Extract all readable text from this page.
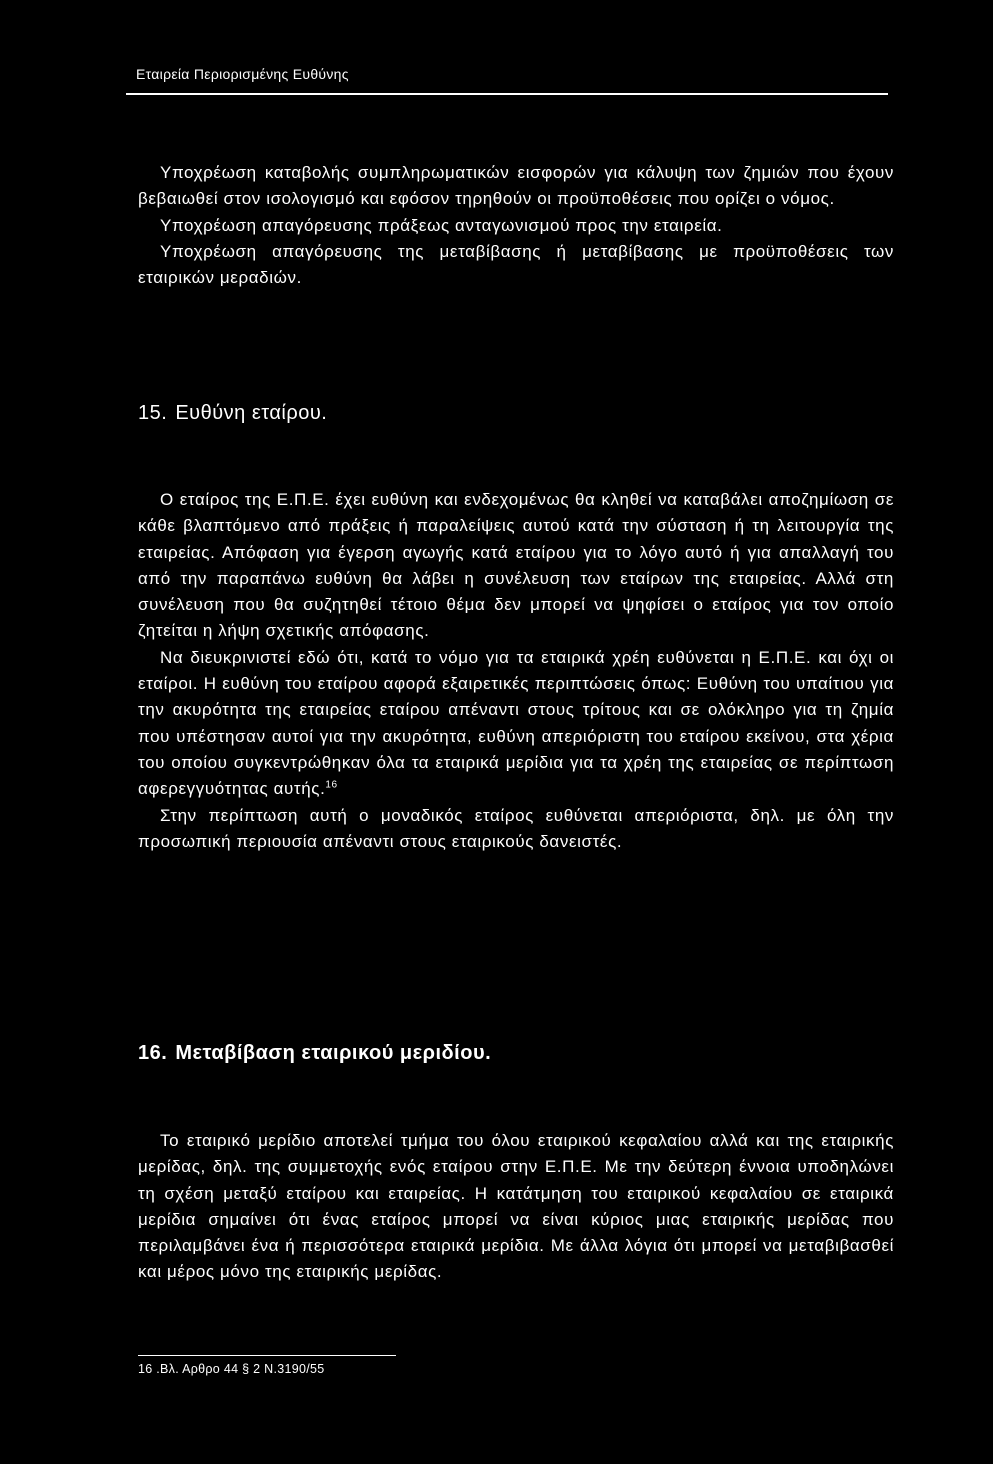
Εταιρεία Περιορισμένης Ευθύνης

Υποχρέωση καταβολής συμπληρωματικών εισφορών για κάλυψη των ζημιών που έχουν βεβαιωθεί στον ισολογισμό και εφόσον τηρηθούν οι προϋποθέσεις που ορίζει ο νόμος.

Υποχρέωση απαγόρευσης πράξεως ανταγωνισμού προς την εταιρεία.

Υποχρέωση απαγόρευσης της μεταβίβασης ή μεταβίβασης με προϋποθέσεις των εταιρικών μεραδιών.

15. Ευθύνη εταίρου.

Ο εταίρος της Ε.Π.Ε. έχει ευθύνη και ενδεχομένως θα κληθεί να καταβάλει αποζημίωση σε κάθε βλαπτόμενο από πράξεις ή παραλείψεις αυτού κατά την σύσταση ή τη λειτουργία της εταιρείας. Απόφαση για έγερση αγωγής κατά εταίρου για το λόγο αυτό ή για απαλλαγή του από την παραπάνω ευθύνη θα λάβει η συνέλευση των εταίρων της εταιρείας. Αλλά στη συνέλευση που θα συζητηθεί τέτοιο θέμα δεν μπορεί να ψηφίσει ο εταίρος για τον οποίο ζητείται η λήψη σχετικής απόφασης.

Να διευκρινιστεί εδώ ότι, κατά το νόμο για τα εταιρικά χρέη ευθύνεται η Ε.Π.Ε. και όχι οι εταίροι. Η ευθύνη του εταίρου αφορά εξαιρετικές περιπτώσεις όπως: Ευθύνη του υπαίτιου για την ακυρότητα της εταιρείας εταίρου απέναντι στους τρίτους και σε ολόκληρο για τη ζημία που υπέστησαν αυτοί για την ακυρότητα, ευθύνη απεριόριστη του εταίρου εκείνου, στα χέρια του οποίου συγκεντρώθηκαν όλα τα εταιρικά μερίδια για τα χρέη της εταιρείας σε περίπτωση αφερεγγυότητας αυτής.$^{16}$

Στην περίπτωση αυτή ο μοναδικός εταίρος ευθύνεται απεριόριστα, δηλ. με όλη την προσωπική περιουσία απέναντι στους εταιρικούς δανειστές.

16. Μεταβίβαση εταιρικού μεριδίου.

Το εταιρικό μερίδιο αποτελεί τμήμα του όλου εταιρικού κεφαλαίου αλλά και της εταιρικής μερίδας, δηλ. της συμμετοχής ενός εταίρου στην Ε.Π.Ε. Με την δεύτερη έννοια υποδηλώνει τη σχέση μεταξύ εταίρου και εταιρείας. Η κατάτμηση του εταιρικού κεφαλαίου σε εταιρικά μερίδια σημαίνει ότι ένας εταίρος μπορεί να είναι κύριος μιας εταιρικής μερίδας που περιλαμβάνει ένα ή περισσότερα εταιρικά μερίδια. Με άλλα λόγια ότι μπορεί να μεταβιβασθεί και μέρος μόνο της εταιρικής μερίδας.

16 .Βλ. Αρθρο 44 § 2 Ν.3190/55
